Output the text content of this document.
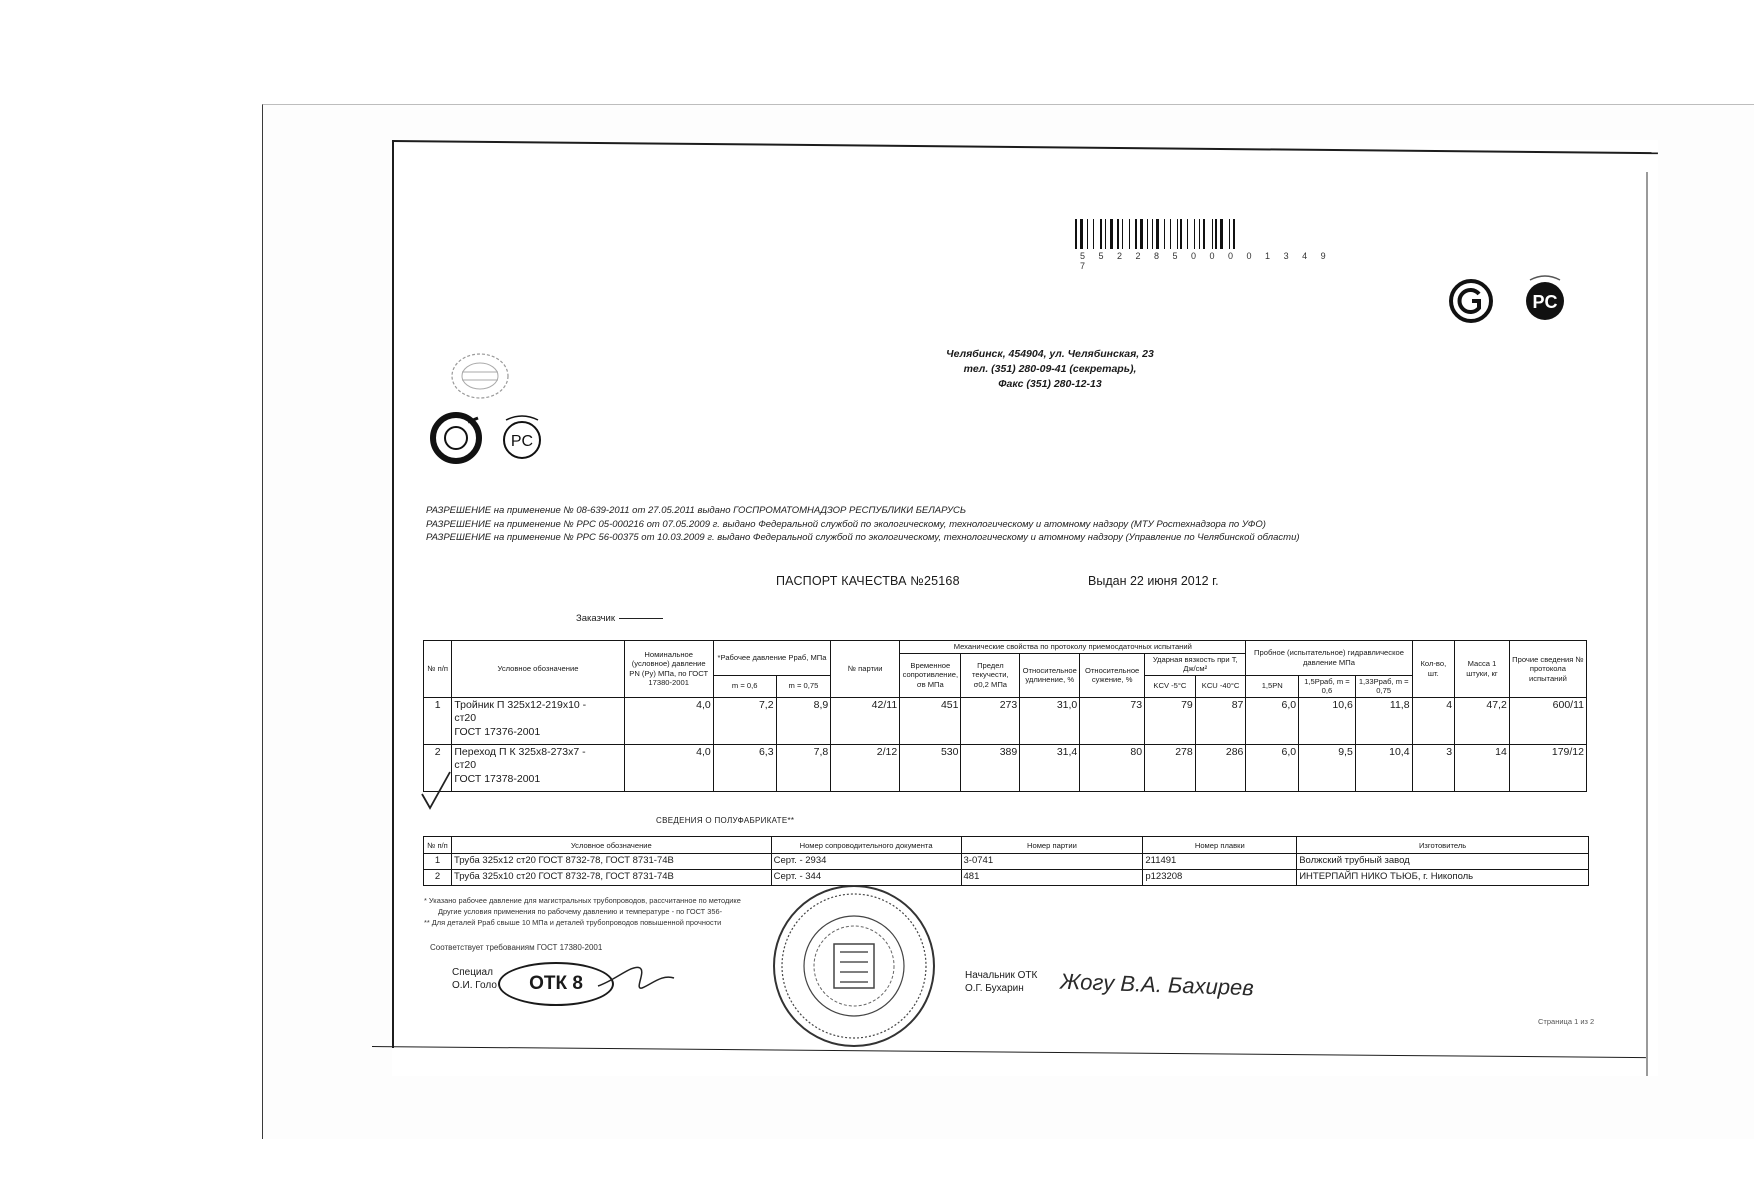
5 5 2 2 8 5 0 0 0 0 1 3 4 9 7
PC
Челябинск, 454904, ул. Челябинская, 23
тел. (351) 280-09-41 (секретарь),
Факс (351) 280-12-13
PC
РАЗРЕШЕНИЕ на применение № 08-639-2011 от 27.05.2011 выдано ГОСПРОМАТОМНАДЗОР РЕСПУБЛИКИ БЕЛАРУСЬ
РАЗРЕШЕНИЕ на применение № РРС 05-000216 от 07.05.2009 г. выдано Федеральной службой по экологическому, технологическому и атомному надзору (МТУ Ростехнадзора по УФО)
РАЗРЕШЕНИЕ на применение № РРС 56-00375 от 10.03.2009 г. выдано Федеральной службой по экологическому, технологическому и атомному надзору (Управление по Челябинской области)
ПАСПОРТ КАЧЕСТВА №25168	Выдан 22 июня 2012 г.
Заказчик
№ п/п	Условное обозначение	Номинальное (условное) давление PN (Ру) МПа, по ГОСТ 17380-2001	*Рабочее давление Рраб, МПа		№ партии	Механические свойства по протоколу приемосдаточных испытаний						Пробное (испытательное) гидравлическое давление МПа			Кол-во, шт.	Масса 1 штуки, кг	Прочие сведения № протокола испытаний
						Временное сопротивление, σв МПа	Предел текучести, σ0,2 МПа	Относительное удлинение, %	Относительное сужение, %	Ударная вязкость при Т, Дж/см²							
			m = 0,6	m = 0,75						KCV -5°C	KCU -40°C	1,5PN	1,5Рраб, m = 0,6	1,33Рраб, m = 0,75			
1	Тройник П 325х12-219х10 -
ст20
ГОСТ 17376-2001	4,0	7,2	8,9	42/11	451	273	31,0	73	79	87	6,0	10,6	11,8	4	47,2	600/11
2	Переход П К 325х8-273х7 -
ст20
ГОСТ 17378-2001	4,0	6,3	7,8	2/12	530	389	31,4	80	278	286	6,0	9,5	10,4	3	14	179/12
СВЕДЕНИЯ О ПОЛУФАБРИКАТЕ**
№ п/п	Условное обозначение	Номер сопроводительного документа	Номер партии	Номер плавки	Изготовитель
1	Труба 325х12 ст20 ГОСТ 8732-78, ГОСТ 8731-74В	Серт. - 2934	3-0741	211491	Волжский трубный завод
2	Труба 325х10 ст20 ГОСТ 8732-78, ГОСТ 8731-74В	Серт. - 344	481	р123208	ИНТЕРПАЙП НИКО ТЬЮБ, г. Никополь
* Указано рабочее давление для магистральных трубопроводов, рассчитанное по методике
Другие условия применения по рабочему давлению и температуре - по ГОСТ 356-
** Для деталей Рраб свыше 10 МПа и деталей трубопроводов повышенной прочности
Соответствует требованиям ГОСТ 17380-2001
Специал
О.И. Голо	ОТК 8	Начальник ОТК
О.Г. Бухарин	Жогу В.А. Бахирев
Страница 1 из 2
